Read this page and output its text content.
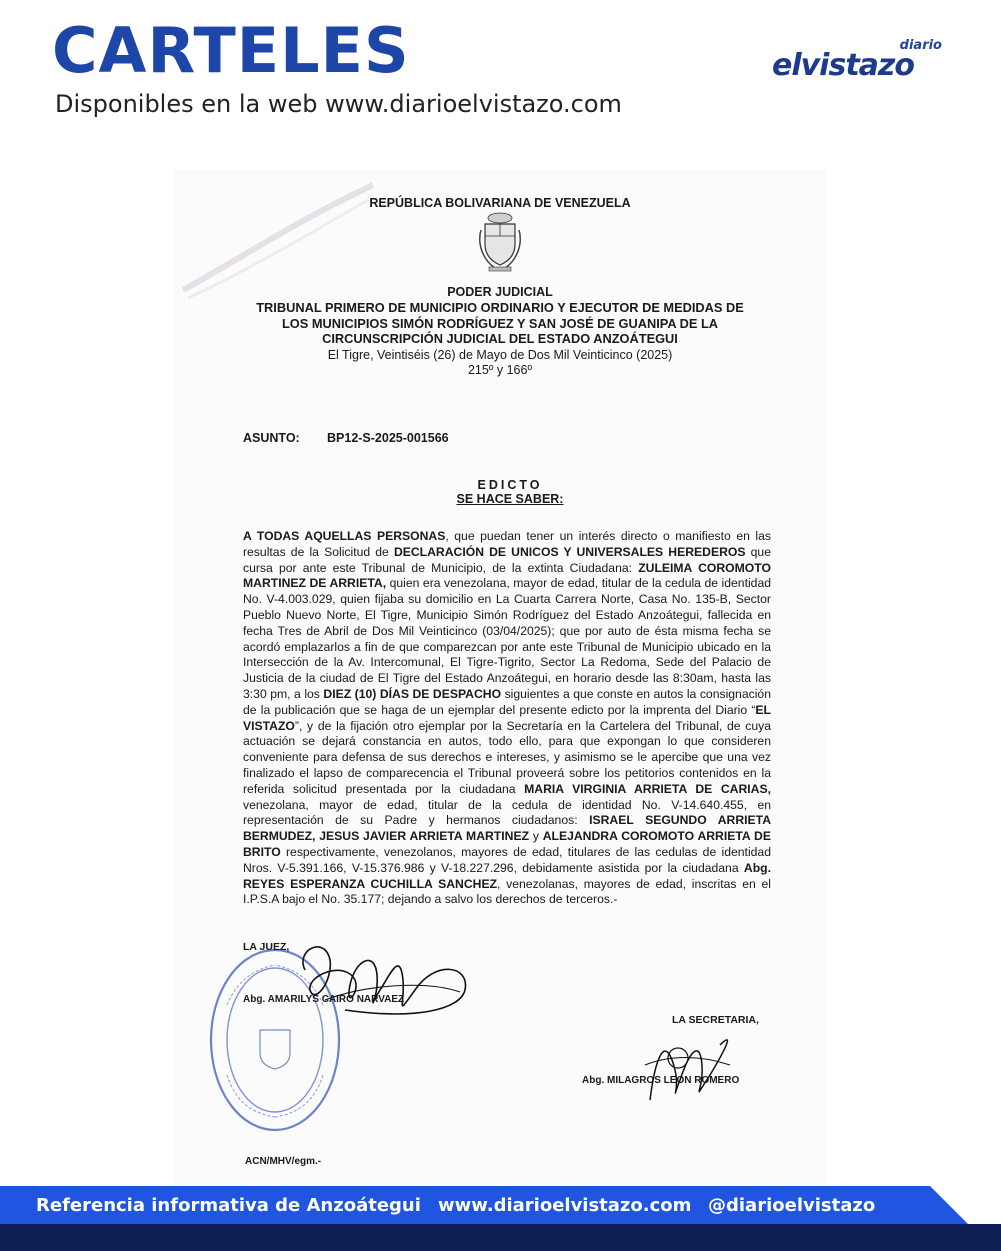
CARTELES
Disponibles en la web www.diarioelvistazo.com
diario
elvistazo
REPÚBLICA BOLIVARIANA DE VENEZUELA
PODER JUDICIAL
TRIBUNAL PRIMERO DE MUNICIPIO ORDINARIO Y EJECUTOR DE MEDIDAS DE
LOS MUNICIPIOS SIMÓN RODRÍGUEZ Y SAN JOSÉ DE GUANIPA DE LA
CIRCUNSCRIPCIÓN JUDICIAL DEL ESTADO ANZOÁTEGUI
El Tigre, Veintiséis (26) de Mayo de Dos Mil Veinticinco (2025)
215º y 166º
ASUNTO: BP12-S-2025-001566
EDICTO
SE HACE SABER:
A TODAS AQUELLAS PERSONAS, que puedan tener un interés directo o manifiesto en las resultas de la Solicitud de DECLARACIÓN DE UNICOS Y UNIVERSALES HEREDEROS que cursa por ante este Tribunal de Municipio, de la extinta Ciudadana: ZULEIMA COROMOTO MARTINEZ DE ARRIETA, quien era venezolana, mayor de edad, titular de la cedula de identidad No. V-4.003.029, quien fijaba su domicilio en La Cuarta Carrera Norte, Casa No. 135-B, Sector Pueblo Nuevo Norte, El Tigre, Municipio Simón Rodríguez del Estado Anzoátegui, fallecida en fecha Tres de Abril de Dos Mil Veinticinco (03/04/2025); que por auto de ésta misma fecha se acordó emplazarlos a fin de que comparezcan por ante este Tribunal de Municipio ubicado en la Intersección de la Av. Intercomunal, El Tigre-Tigrito, Sector La Redoma, Sede del Palacio de Justicia de la ciudad de El Tigre del Estado Anzoátegui, en horario desde las 8:30am, hasta las 3:30 pm, a los DIEZ (10) DÍAS DE DESPACHO siguientes a que conste en autos la consignación de la publicación que se haga de un ejemplar del presente edicto por la imprenta del Diario “EL VISTAZO”, y de la fijación otro ejemplar por la Secretaría en la Cartelera del Tribunal, de cuya actuación se dejará constancia en autos, todo ello, para que expongan lo que consideren conveniente para defensa de sus derechos e intereses, y asimismo se le apercibe que una vez finalizado el lapso de comparecencia el Tribunal proveerá sobre los petitorios contenidos en la referida solicitud presentada por la ciudadana MARIA VIRGINIA ARRIETA DE CARIAS, venezolana, mayor de edad, titular de la cedula de identidad No. V-14.640.455, en representación de su Padre y hermanos ciudadanos: ISRAEL SEGUNDO ARRIETA BERMUDEZ, JESUS JAVIER ARRIETA MARTINEZ y ALEJANDRA COROMOTO ARRIETA DE BRITO respectivamente, venezolanos, mayores de edad, titulares de las cedulas de identidad Nros. V-5.391.166, V-15.376.986 y V-18.227.296, debidamente asistida por la ciudadana Abg. REYES ESPERANZA CUCHILLA SANCHEZ, venezolanas, mayores de edad, inscritas en el I.P.S.A bajo el No. 35.177; dejando a salvo los derechos de terceros.-
LA JUEZ,
Abg. AMARILYS CAIRO NARVAEZ
LA SECRETARIA,
Abg. MILAGROS LEON ROMERO
ACN/MHV/egm.-
Referencia informativa de Anzoátegui www.diarioelvistazo.com @diarioelvistazo
